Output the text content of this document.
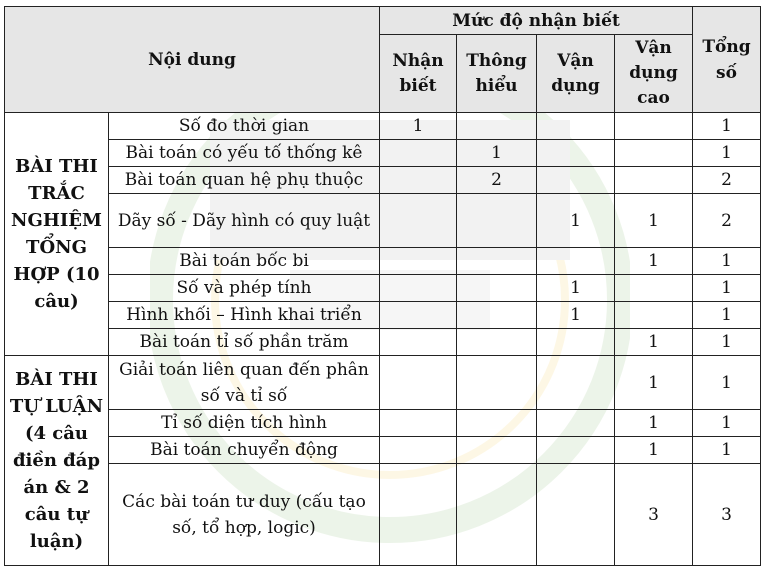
Nội dung		Mức độ nhận biết				Tổng số
		Nhận biết	Thông hiểu	Vận dụng	Vận dụng cao	
BÀI THI TRẮC NGHIỆM TỔNG HỢP (10 câu)	Số đo thời gian	1				1
	Bài toán có yếu tố thống kê		1			1
	Bài toán quan hệ phụ thuộc		2			2
	Dãy số - Dãy hình có quy luật			1	1	2
	Bài toán bốc bi				1	1
	Số và phép tính			1		1
	Hình khối – Hình khai triển			1		1
	Bài toán tỉ số phần trăm				1	1
BÀI THI TỰ LUẬN (4 câu điền đáp án & 2 câu tự luận)	Giải toán liên quan đến phân số và tỉ số				1	1
	Tỉ số diện tích hình				1	1
	Bài toán chuyển động				1	1
	Các bài toán tư duy (cấu tạo số, tổ hợp, logic)				3	3
